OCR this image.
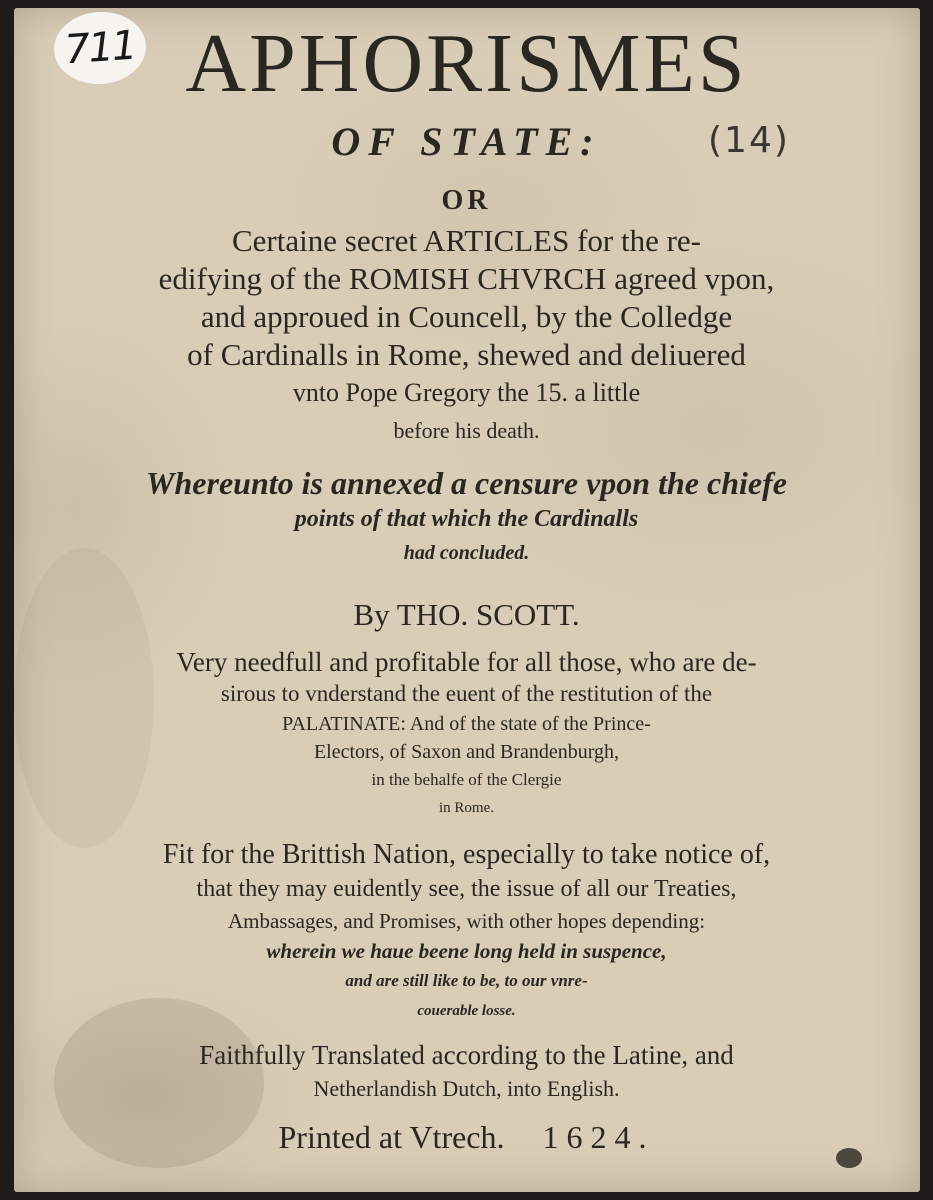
711
(14)
APHORISMES
OF STATE:
OR
Certaine secret ARTICLES for the re-
edifying of the ROMISH CHVRCH agreed vpon,
and approued in Councell, by the Colledge
of Cardinalls in Rome, shewed and deliuered
vnto Pope Gregory the 15. a little
before his death.
Whereunto is annexed a censure vpon the chiefe
points of that which the Cardinalls
had concluded.
By THO. SCOTT.
Very needfull and profitable for all those, who are de-
sirous to vnderstand the euent of the restitution of the
PALATINATE: And of the state of the Prince-
Electors, of Saxon and Brandenburgh,
in the behalfe of the Clergie
in Rome.
Fit for the Brittish Nation, especially to take notice of,
that they may euidently see, the issue of all our Treaties,
Ambassages, and Promises, with other hopes depending:
wherein we haue beene long held in suspence,
and are still like to be, to our vnre-
couerable losse.
Faithfully Translated according to the Latine, and
Netherlandish Dutch, into English.
Printed at Vtrech. 1624.
